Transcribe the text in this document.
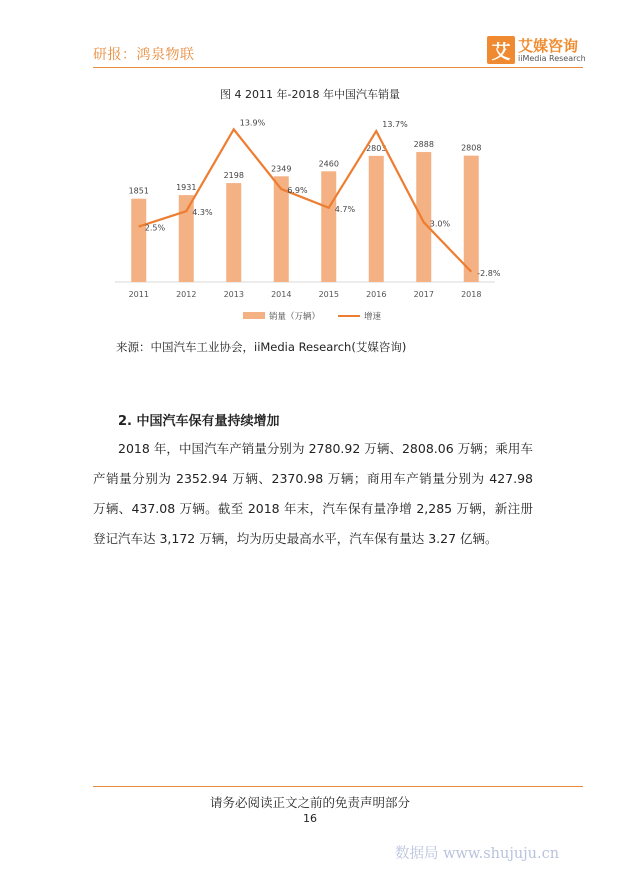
研报：鸿泉物联	艾 艾媒咨询
iiMedia Research
图 4 2011 年-2018 年中国汽车销量
1851
2011
1931
2012
2198
2013
2349
2014
2460
2015
2803
2016
2888
2017
2808
2018
2.5%
4.3%
13.9%
6.9%
4.7%
13.7%
3.0%
-2.8%
销量（万辆）	增速
来源：中国汽车工业协会，iiMedia Research(艾媒咨询)
2. 中国汽车保有量持续增加
2018 年，中国汽车产销量分别为 2780.92 万辆、2808.06 万辆；乘用车产销量分别为 2352.94 万辆、2370.98 万辆；商用车产销量分别为 427.98 万辆、437.08 万辆。截至 2018 年末，汽车保有量净增 2,285 万辆，新注册登记汽车达 3,172 万辆，均为历史最高水平，汽车保有量达 3.27 亿辆。
请务必阅读正文之前的免责声明部分
16
数据局 www.shujuju.cn
